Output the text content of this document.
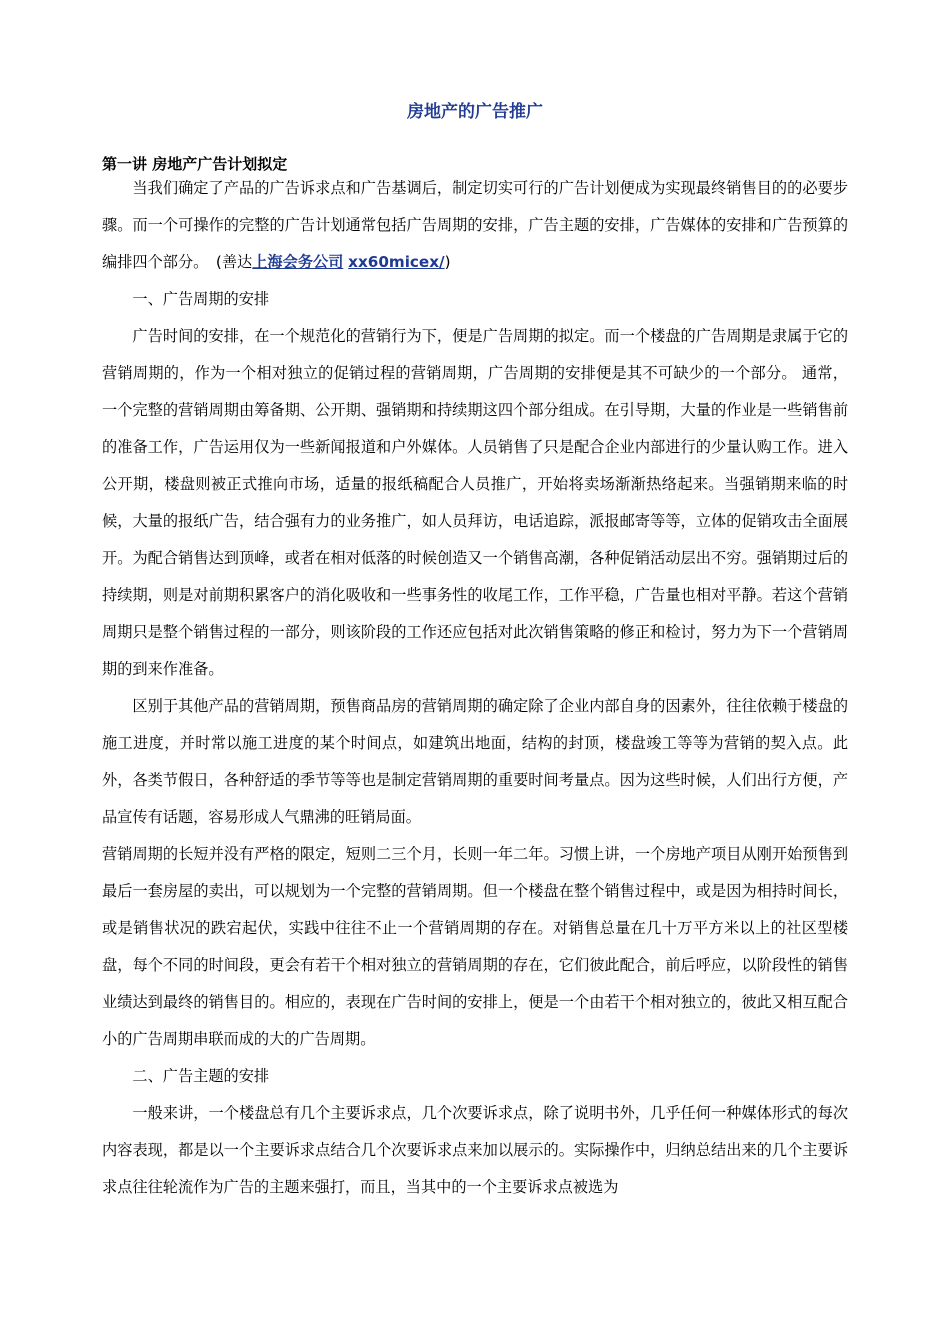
房地产的广告推广
第一讲 房地产广告计划拟定

当我们确定了产品的广告诉求点和广告基调后，制定切实可行的广告计划便成为实现最终销售目的的必要步骤。而一个可操作的完整的广告计划通常包括广告周期的安排，广告主题的安排，广告媒体的安排和广告预算的编排四个部分。　 (善达上海会务公司 xx60micex/)

一、广告周期的安排

广告时间的安排，在一个规范化的营销行为下，便是广告周期的拟定。而一个楼盘的广告周期是隶属于它的营销周期的，作为一个相对独立的促销过程的营销周期，广告周期的安排便是其不可缺少的一个部分。 通常，一个完整的营销周期由筹备期、公开期、强销期和持续期这四个部分组成。在引导期，大量的作业是一些销售前的准备工作，广告运用仅为一些新闻报道和户外媒体。人员销售了只是配合企业内部进行的少量认购工作。进入公开期，楼盘则被正式推向市场，适量的报纸稿配合人员推广，开始将卖场渐渐热络起来。当强销期来临的时候，大量的报纸广告，结合强有力的业务推广，如人员拜访，电话追踪，派报邮寄等等，立体的促销攻击全面展开。为配合销售达到顶峰，或者在相对低落的时候创造又一个销售高潮，各种促销活动层出不穷。强销期过后的持续期，则是对前期积累客户的消化吸收和一些事务性的收尾工作，工作平稳，广告量也相对平静。若这个营销周期只是整个销售过程的一部分，则该阶段的工作还应包括对此次销售策略的修正和检讨，努力为下一个营销周期的到来作准备。

区别于其他产品的营销周期，预售商品房的营销周期的确定除了企业内部自身的因素外，往往依赖于楼盘的施工进度，并时常以施工进度的某个时间点，如建筑出地面，结构的封顶，楼盘竣工等等为营销的契入点。此外，各类节假日，各种舒适的季节等等也是制定营销周期的重要时间考量点。因为这些时候，人们出行方便，产品宣传有话题，容易形成人气鼎沸的旺销局面。

营销周期的长短并没有严格的限定，短则二三个月，长则一年二年。习惯上讲，一个房地产项目从刚开始预售到最后一套房屋的卖出，可以规划为一个完整的营销周期。但一个楼盘在整个销售过程中，或是因为相持时间长， 或是销售状况的跌宕起伏，实践中往往不止一个营销周期的存在。对销售总量在几十万平方米以上的社区型楼盘，每个不同的时间段，更会有若干个相对独立的营销周期的存在，它们彼此配合，前后呼应，以阶段性的销售业绩达到最终的销售目的。相应的，表现在广告时间的安排上，便是一个由若干个相对独立的，彼此又相互配合小的广告周期串联而成的大的广告周期。

二、广告主题的安排

一般来讲，一个楼盘总有几个主要诉求点，几个次要诉求点，除了说明书外，几乎任何一种媒体形式的每次内容表现，都是以一个主要诉求点结合几个次要诉求点来加以展示的。实际操作中，归纳总结出来的几个主要诉求点往往轮流作为广告的主题来强打，而且，当其中的一个主要诉求点被选为
